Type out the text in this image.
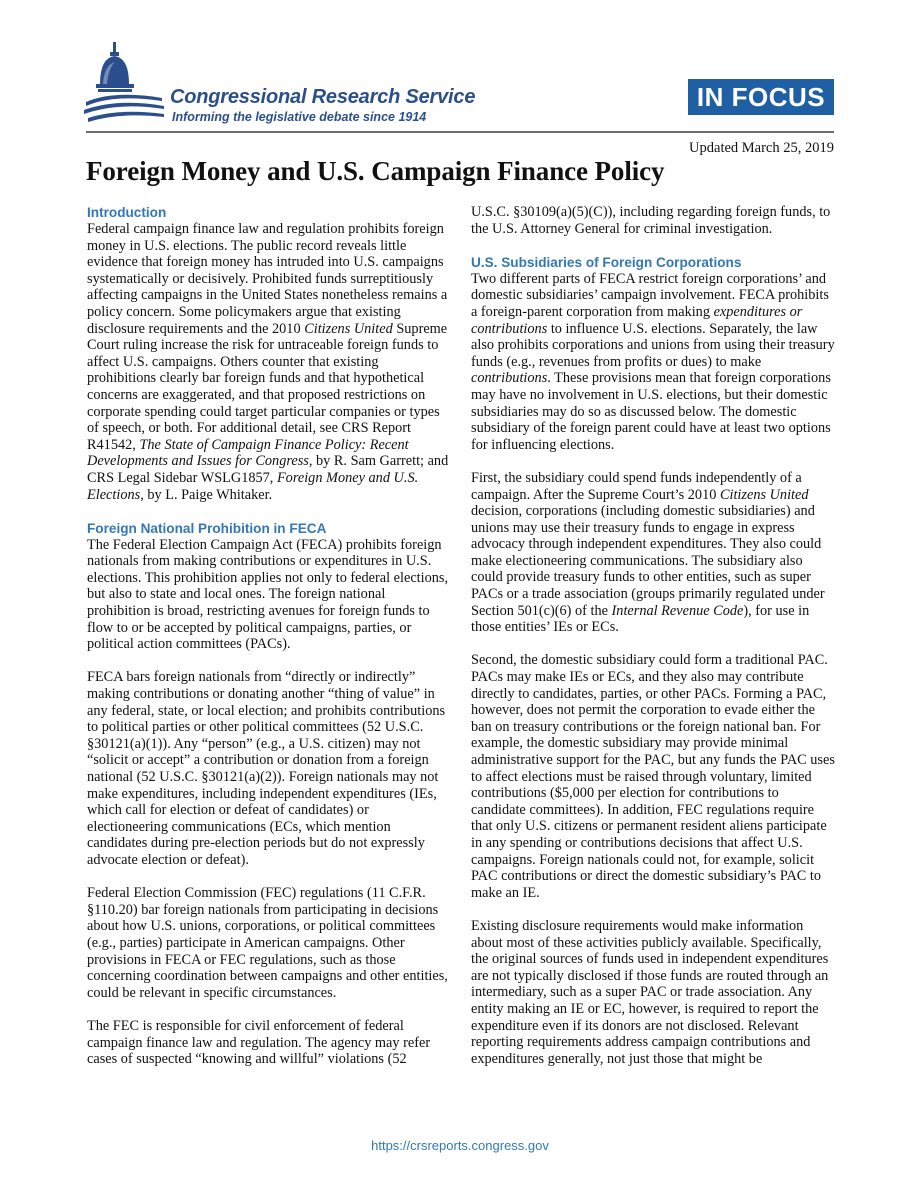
Congressional Research Service
Informing the legislative debate since 1914
IN FOCUS
Updated March 25, 2019
Foreign Money and U.S. Campaign Finance Policy
Introduction

Federal campaign finance law and regulation prohibits foreign money in U.S. elections. The public record reveals little evidence that foreign money has intruded into U.S. campaigns systematically or decisively. Prohibited funds surreptitiously affecting campaigns in the United States nonetheless remains a policy concern. Some policymakers argue that existing disclosure requirements and the 2010 Citizens United Supreme Court ruling increase the risk for untraceable foreign funds to affect U.S. campaigns. Others counter that existing prohibitions clearly bar foreign funds and that hypothetical concerns are exaggerated, and that proposed restrictions on corporate spending could target particular companies or types of speech, or both. For additional detail, see CRS Report R41542, The State of Campaign Finance Policy: Recent Developments and Issues for Congress, by R. Sam Garrett; and CRS Legal Sidebar WSLG1857, Foreign Money and U.S. Elections, by L. Paige Whitaker.

Foreign National Prohibition in FECA

The Federal Election Campaign Act (FECA) prohibits foreign nationals from making contributions or expenditures in U.S. elections. This prohibition applies not only to federal elections, but also to state and local ones. The foreign national prohibition is broad, restricting avenues for foreign funds to flow to or be accepted by political campaigns, parties, or political action committees (PACs).

FECA bars foreign nationals from “directly or indirectly” making contributions or donating another “thing of value” in any federal, state, or local election; and prohibits contributions to political parties or other political committees (52 U.S.C. §30121(a)(1)). Any “person” (e.g., a U.S. citizen) may not “solicit or accept” a contribution or donation from a foreign national (52 U.S.C. §30121(a)(2)). Foreign nationals may not make expenditures, including independent expenditures (IEs, which call for election or defeat of candidates) or electioneering communications (ECs, which mention candidates during pre-election periods but do not expressly advocate election or defeat).

Federal Election Commission (FEC) regulations (11 C.F.R. §110.20) bar foreign nationals from participating in decisions about how U.S. unions, corporations, or political committees (e.g., parties) participate in American campaigns. Other provisions in FECA or FEC regulations, such as those concerning coordination between campaigns and other entities, could be relevant in specific circumstances.

The FEC is responsible for civil enforcement of federal campaign finance law and regulation. The agency may refer cases of suspected “knowing and willful” violations (52

U.S.C. §30109(a)(5)(C)), including regarding foreign funds, to the U.S. Attorney General for criminal investigation.

U.S. Subsidiaries of Foreign Corporations

Two different parts of FECA restrict foreign corporations’ and domestic subsidiaries’ campaign involvement. FECA prohibits a foreign-parent corporation from making expenditures or contributions to influence U.S. elections. Separately, the law also prohibits corporations and unions from using their treasury funds (e.g., revenues from profits or dues) to make contributions. These provisions mean that foreign corporations may have no involvement in U.S. elections, but their domestic subsidiaries may do so as discussed below. The domestic subsidiary of the foreign parent could have at least two options for influencing elections.

First, the subsidiary could spend funds independently of a campaign. After the Supreme Court’s 2010 Citizens United decision, corporations (including domestic subsidiaries) and unions may use their treasury funds to engage in express advocacy through independent expenditures. They also could make electioneering communications. The subsidiary also could provide treasury funds to other entities, such as super PACs or a trade association (groups primarily regulated under Section 501(c)(6) of the Internal Revenue Code), for use in those entities’ IEs or ECs.

Second, the domestic subsidiary could form a traditional PAC. PACs may make IEs or ECs, and they also may contribute directly to candidates, parties, or other PACs. Forming a PAC, however, does not permit the corporation to evade either the ban on treasury contributions or the foreign national ban. For example, the domestic subsidiary may provide minimal administrative support for the PAC, but any funds the PAC uses to affect elections must be raised through voluntary, limited contributions ($5,000 per election for contributions to candidate committees). In addition, FEC regulations require that only U.S. citizens or permanent resident aliens participate in any spending or contributions decisions that affect U.S. campaigns. Foreign nationals could not, for example, solicit PAC contributions or direct the domestic subsidiary’s PAC to make an IE.

Existing disclosure requirements would make information about most of these activities publicly available. Specifically, the original sources of funds used in independent expenditures are not typically disclosed if those funds are routed through an intermediary, such as a super PAC or trade association. Any entity making an IE or EC, however, is required to report the expenditure even if its donors are not disclosed. Relevant reporting requirements address campaign contributions and expenditures generally, not just those that might be

https://crsreports.congress.gov
